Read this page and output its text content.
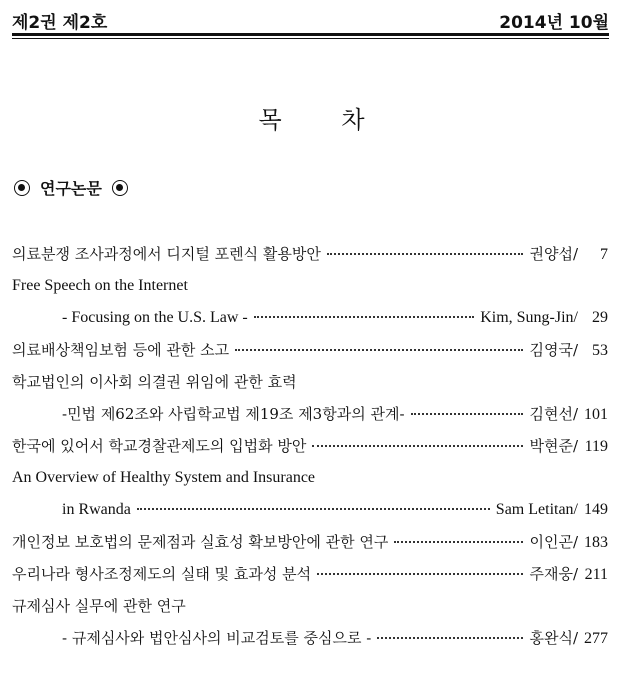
제2권 제2호	2014년 10월
목 차
연구논문
의료분쟁 조사과정에서 디지털 포렌식 활용방안	권양섭/	7
Free Speech on the Internet
- Focusing on the U.S. Law -	Kim, Sung-Jin/ 29
의료배상책임보험 등에 관한 소고	김영국/ 53
학교법인의 이사회 의결권 위임에 관한 효력
-민법 제62조와 사립학교법 제19조 제3항과의 관계-	김현선/ 101
한국에 있어서 학교경찰관제도의 입법화 방안	박현준/ 119
An Overview of Healthy System and Insurance
in Rwanda	Sam Letitan/ 149
개인정보 보호법의 문제점과 실효성 확보방안에 관한 연구	이인곤/ 183
우리나라 형사조정제도의 실태 및 효과성 분석	주재웅/ 211
규제심사 실무에 관한 연구
- 규제심사와 법안심사의 비교검토를 중심으로 -	홍완식/ 277
